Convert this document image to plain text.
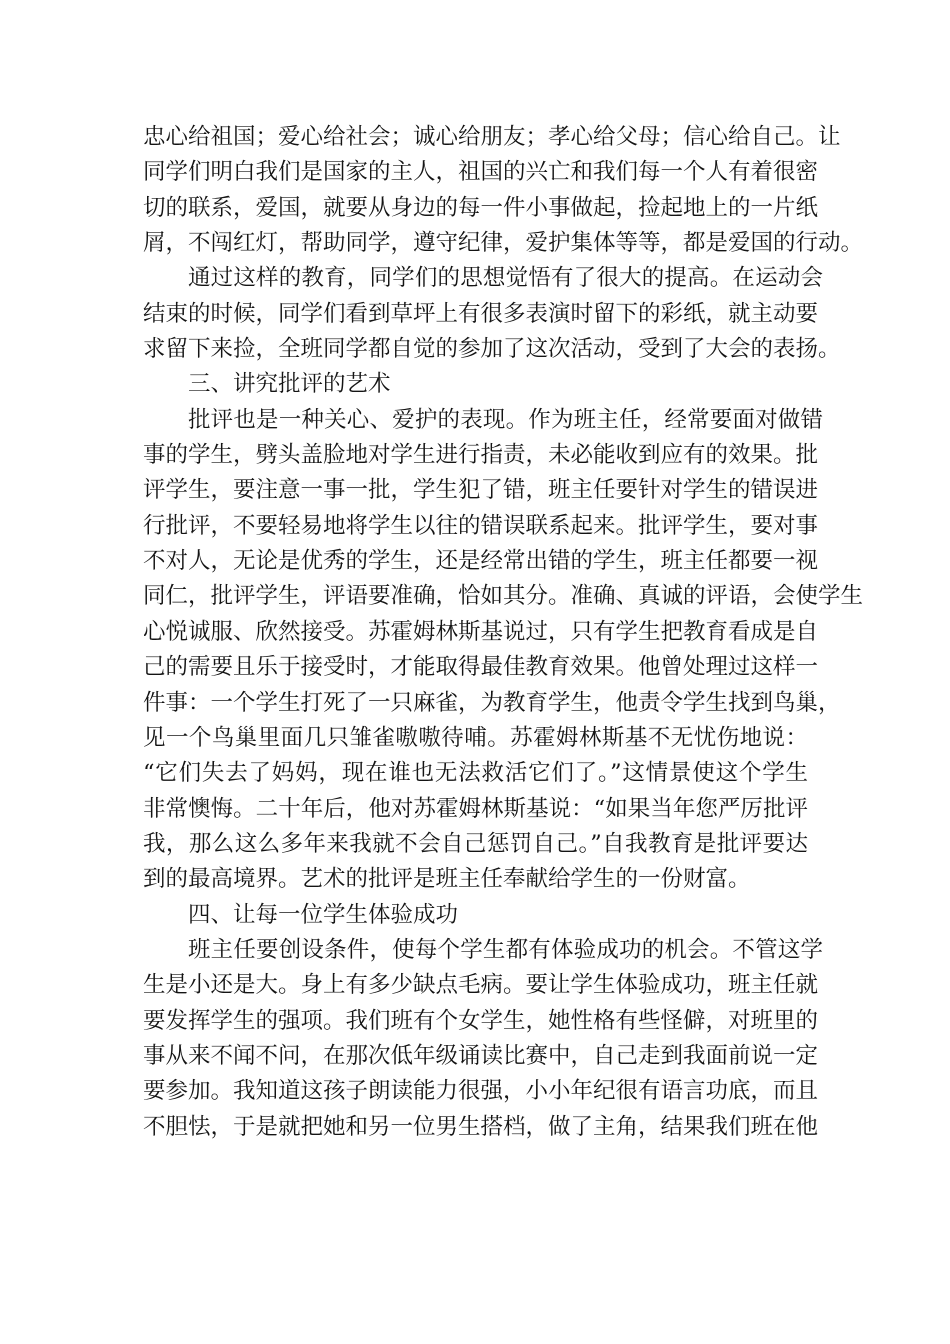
忠心给祖国；爱心给社会；诚心给朋友；孝心给父母；信心给自己。让
同学们明白我们是国家的主人，祖国的兴亡和我们每一个人有着很密
切的联系，爱国，就要从身边的每一件小事做起，捡起地上的一片纸
屑，不闯红灯，帮助同学，遵守纪律，爱护集体等等，都是爱国的行动。
通过这样的教育，同学们的思想觉悟有了很大的提高。在运动会
结束的时候，同学们看到草坪上有很多表演时留下的彩纸，就主动要
求留下来捡，全班同学都自觉的参加了这次活动，受到了大会的表扬。
三、讲究批评的艺术
批评也是一种关心、爱护的表现。作为班主任，经常要面对做错
事的学生，劈头盖脸地对学生进行指责，未必能收到应有的效果。批
评学生，要注意一事一批，学生犯了错，班主任要针对学生的错误进
行批评，不要轻易地将学生以往的错误联系起来。批评学生，要对事
不对人，无论是优秀的学生，还是经常出错的学生，班主任都要一视
同仁，批评学生，评语要准确，恰如其分。准确、真诚的评语，会使学生
心悦诚服、欣然接受。苏霍姆林斯基说过，只有学生把教育看成是自
己的需要且乐于接受时，才能取得最佳教育效果。他曾处理过这样一
件事：一个学生打死了一只麻雀，为教育学生，他责令学生找到鸟巢，
见一个鸟巢里面几只雏雀嗷嗷待哺。苏霍姆林斯基不无忧伤地说：
“它们失去了妈妈，现在谁也无法救活它们了。”这情景使这个学生
非常懊悔。二十年后，他对苏霍姆林斯基说：“如果当年您严厉批评
我，那么这么多年来我就不会自己惩罚自己。”自我教育是批评要达
到的最高境界。艺术的批评是班主任奉献给学生的一份财富。
四、让每一位学生体验成功
班主任要创设条件，使每个学生都有体验成功的机会。不管这学
生是小还是大。身上有多少缺点毛病。要让学生体验成功，班主任就
要发挥学生的强项。我们班有个女学生，她性格有些怪僻，对班里的
事从来不闻不问，在那次低年级诵读比赛中，自己走到我面前说一定
要参加。我知道这孩子朗读能力很强，小小年纪很有语言功底，而且
不胆怯，于是就把她和另一位男生搭档，做了主角，结果我们班在他
